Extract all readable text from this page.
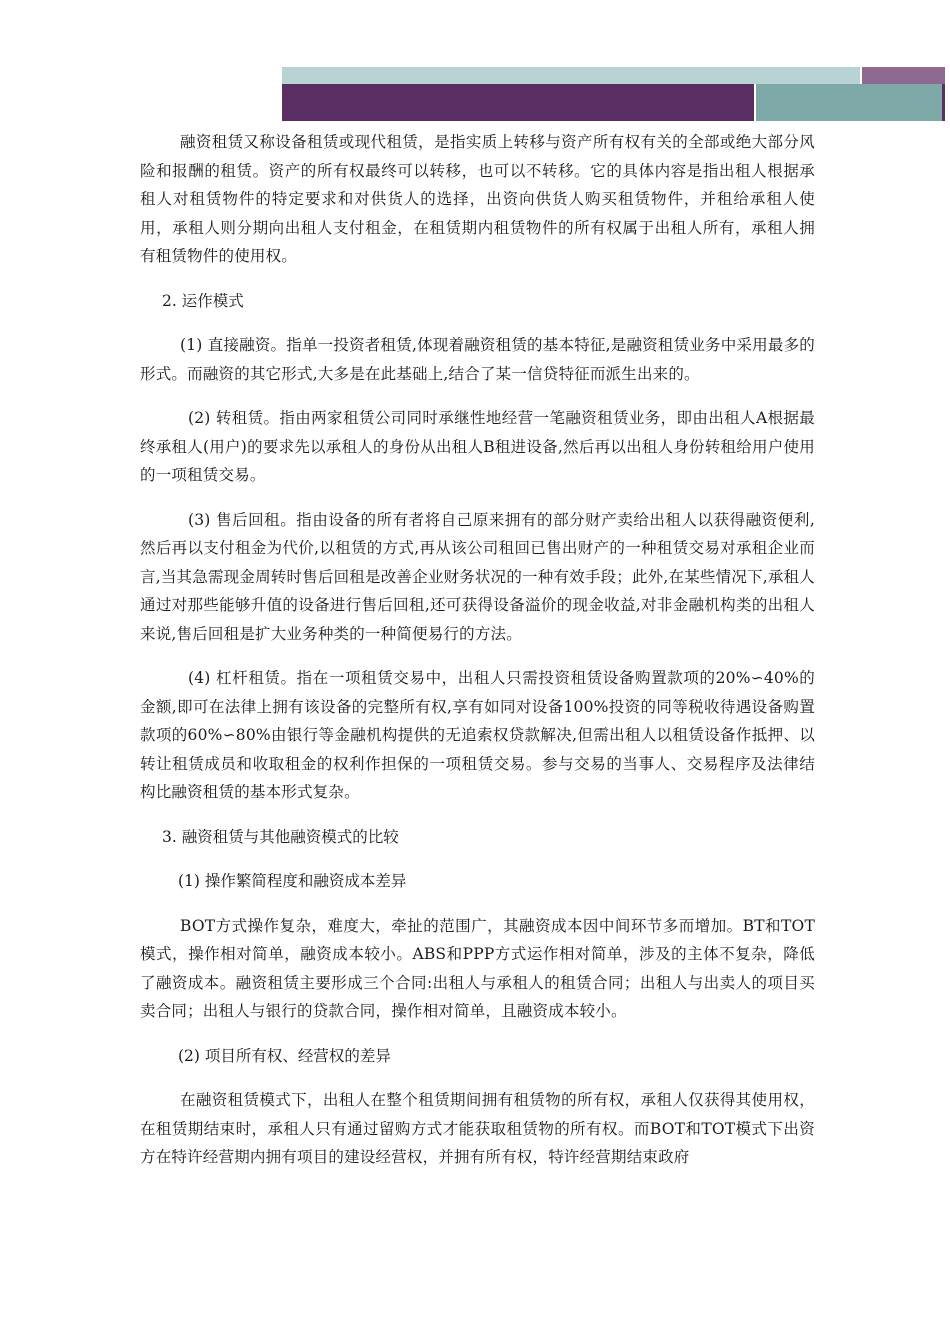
融资租赁又称设备租赁或现代租赁，是指实质上转移与资产所有权有关的全部或绝大部分风险和报酬的租赁。资产的所有权最终可以转移，也可以不转移。它的具体内容是指出租人根据承租人对租赁物件的特定要求和对供货人的选择，出资向供货人购买租赁物件，并租给承租人使用，承租人则分期向出租人支付租金，在租赁期内租赁物件的所有权属于出租人所有，承租人拥有租赁物件的使用权。

2. 运作模式

(1) 直接融资。指单一投资者租赁,体现着融资租赁的基本特征,是融资租赁业务中采用最多的形式。而融资的其它形式,大多是在此基础上,结合了某一信贷特征而派生出来的。

(2) 转租赁。指由两家租赁公司同时承继性地经营一笔融资租赁业务，即由出租人A根据最终承租人(用户)的要求先以承租人的身份从出租人B租进设备,然后再以出租人身份转租给用户使用的一项租赁交易。

(3) 售后回租。指由设备的所有者将自己原来拥有的部分财产卖给出租人以获得融资便利,然后再以支付租金为代价,以租赁的方式,再从该公司租回已售出财产的一种租赁交易对承租企业而言,当其急需现金周转时售后回租是改善企业财务状况的一种有效手段；此外,在某些情况下,承租人通过对那些能够升值的设备进行售后回租,还可获得设备溢价的现金收益,对非金融机构类的出租人来说,售后回租是扩大业务种类的一种简便易行的方法。

(4) 杠杆租赁。指在一项租赁交易中，出租人只需投资租赁设备购置款项的20%∽40%的金额,即可在法律上拥有该设备的完整所有权,享有如同对设备100%投资的同等税收待遇设备购置款项的60%∽80%由银行等金融机构提供的无追索权贷款解决,但需出租人以租赁设备作抵押、以转让租赁成员和收取租金的权利作担保的一项租赁交易。参与交易的当事人、交易程序及法律结构比融资租赁的基本形式复杂。

3. 融资租赁与其他融资模式的比较

(1) 操作繁简程度和融资成本差异

BOT方式操作复杂，难度大，牵扯的范围广，其融资成本因中间环节多而增加。BT和TOT模式，操作相对简单，融资成本较小。ABS和PPP方式运作相对简单，涉及的主体不复杂，降低了融资成本。融资租赁主要形成三个合同:出租人与承租人的租赁合同；出租人与出卖人的项目买卖合同；出租人与银行的贷款合同，操作相对简单，且融资成本较小。

(2) 项目所有权、经营权的差异

在融资租赁模式下，出租人在整个租赁期间拥有租赁物的所有权，承租人仅获得其使用权，在租赁期结束时，承租人只有通过留购方式才能获取租赁物的所有权。而BOT和TOT模式下出资方在特许经营期内拥有项目的建设经营权，并拥有所有权，特许经营期结束政府
